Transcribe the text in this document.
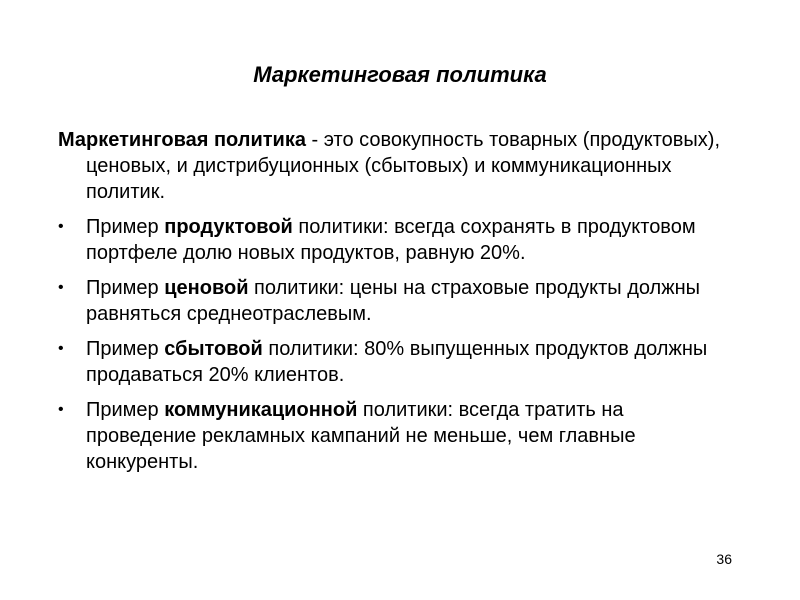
Маркетинговая политика

Маркетинговая политика - это совокупность товарных (продуктовых), ценовых, и дистрибуционных (сбытовых) и коммуникационных политик.

•	Пример продуктовой политики: всегда сохранять в продуктовом портфеле долю новых продуктов, равную 20%.
•	Пример ценовой политики: цены на страховые продукты должны равняться среднеотраслевым.
•	Пример сбытовой политики: 80% выпущенных продуктов должны продаваться 20% клиентов.
•	Пример коммуникационной политики: всегда тратить на проведение рекламных кампаний не меньше, чем главные конкуренты.
36
